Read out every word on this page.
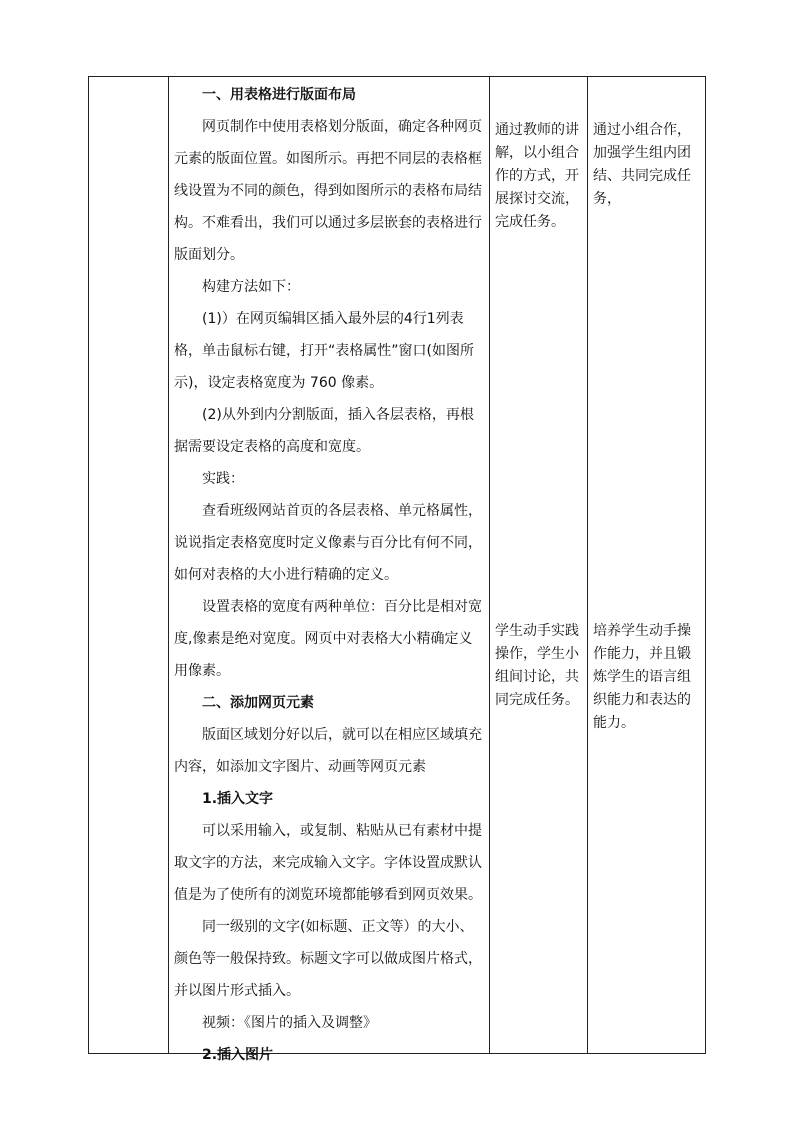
一、用表格进行版面布局

网页制作中使用表格划分版面，确定各种网页元素的版面位置。如图所示。再把不同层的表格框线设置为不同的颜色，得到如图所示的表格布局结构。不难看出，我们可以通过多层嵌套的表格进行版面划分。

构建方法如下：

(1)）在网页编辑区插入最外层的4行1列表格，单击鼠标右键，打开“表格属性”窗口(如图所示)，设定表格宽度为 760 像素。

(2)从外到内分割版面，插入各层表格，再根据需要设定表格的高度和宽度。

实践：

查看班级网站首页的各层表格、单元格属性，说说指定表格宽度时定义像素与百分比有何不同，如何对表格的大小进行精确的定义。

设置表格的宽度有两种单位：百分比是相对宽度,像素是绝对宽度。网页中对表格大小精确定义用像素。

二、添加网页元素

版面区域划分好以后，就可以在相应区域填充内容，如添加文字图片、动画等网页元素

1.插入文字

可以采用输入，或复制、粘贴从已有素材中提取文字的方法，来完成输入文字。字体设置成默认值是为了使所有的浏览环境都能够看到网页效果。

同一级别的文字(如标题、正文等）的大小、颜色等一般保持致。标题文字可以做成图片格式，并以图片形式插入。

视频：《图片的插入及调整》

2.插入图片

通过教师的讲解，以小组合作的方式，开展探讨交流，完成任务。
学生动手实践操作，学生小组间讨论，共同完成任务。
通过小组合作，加强学生组内团结、共同完成任务，
培养学生动手操作能力，并且锻炼学生的语言组织能力和表达的能力。
